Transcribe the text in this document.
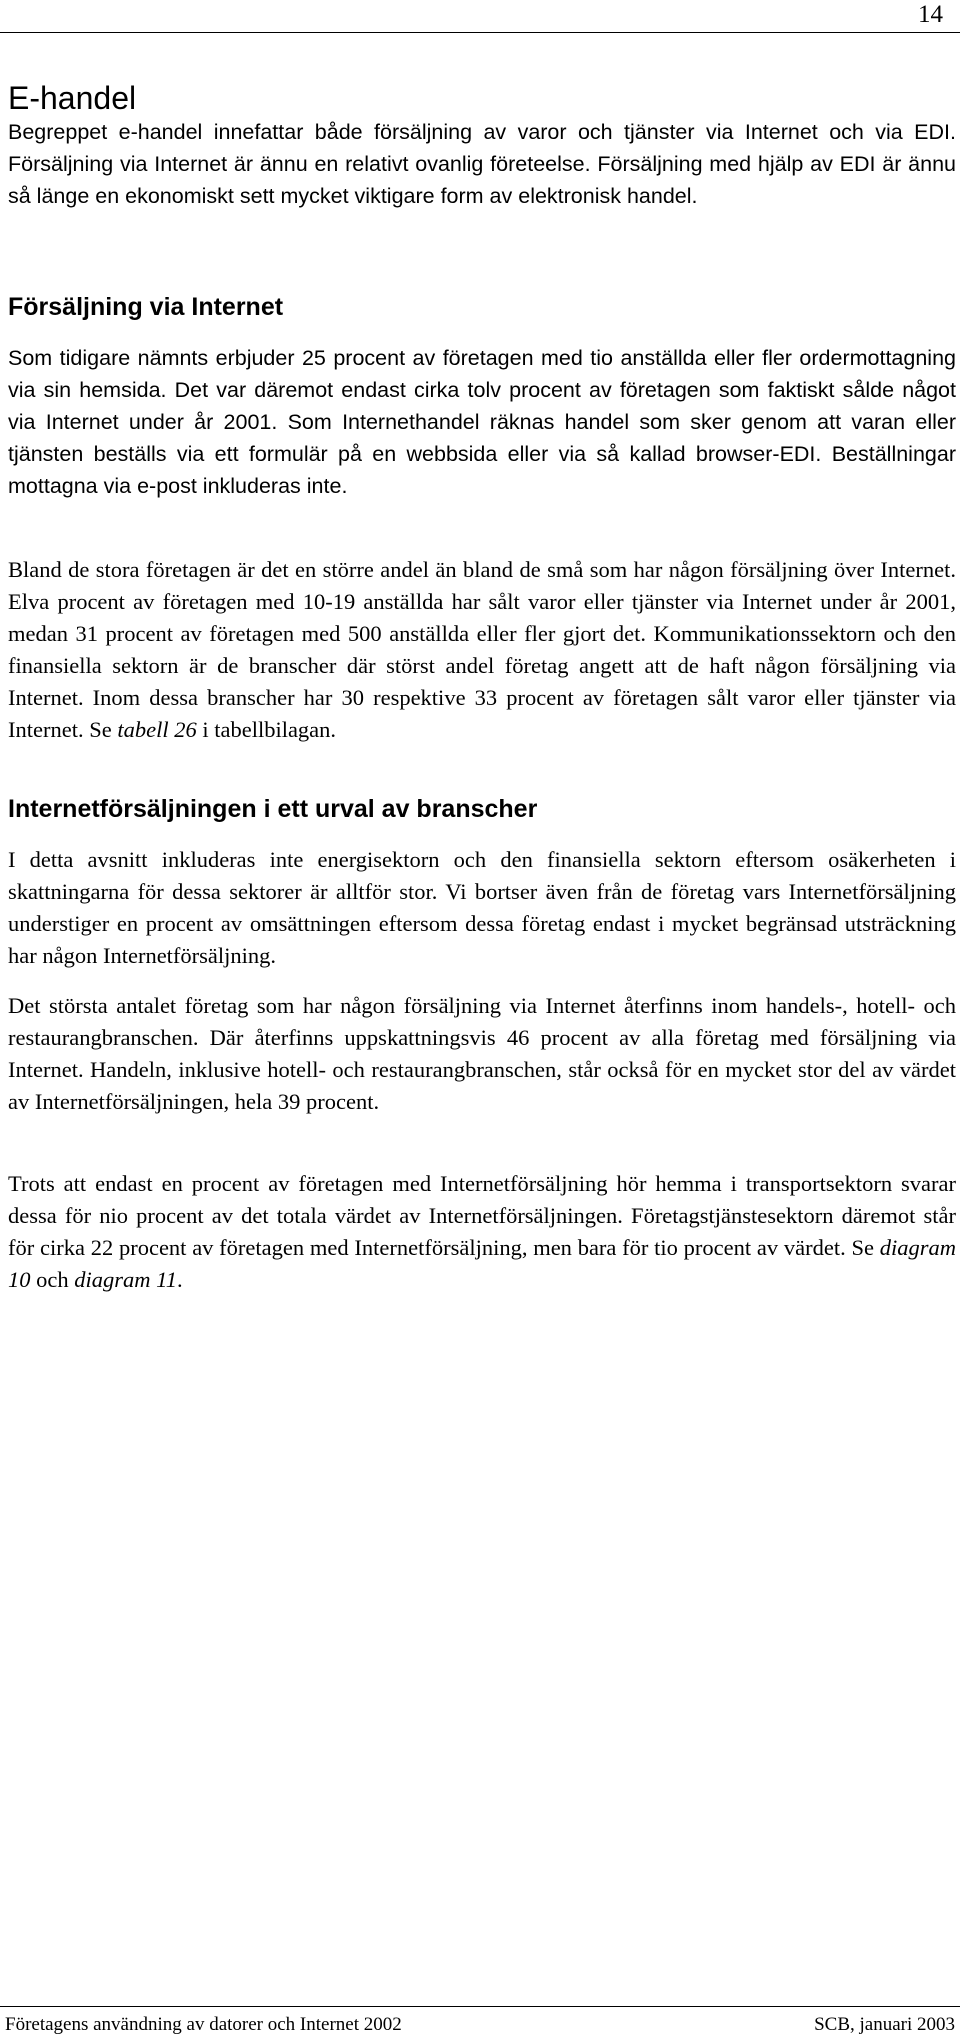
14
E-handel

Begreppet e-handel innefattar både försäljning av varor och tjänster via Internet och via EDI. Försäljning via Internet är ännu en relativt ovanlig företeelse. Försäljning med hjälp av EDI är ännu så länge en ekonomiskt sett mycket viktigare form av elektronisk handel.

Försäljning via Internet

Som tidigare nämnts erbjuder 25 procent av företagen med tio anställda eller fler ordermottagning via sin hemsida. Det var däremot endast cirka tolv procent av företagen som faktiskt sålde något via Internet under år 2001. Som Internethandel räknas handel som sker genom att varan eller tjänsten beställs via ett formulär på en webbsida eller via så kallad browser-EDI. Beställningar mottagna via e-post inkluderas inte.

Bland de stora företagen är det en större andel än bland de små som har någon försäljning över Internet. Elva procent av företagen med 10-19 anställda har sålt varor eller tjänster via Internet under år 2001, medan 31 procent av företagen med 500 anställda eller fler gjort det. Kommunikationssektorn och den finansiella sektorn är de branscher där störst andel företag angett att de haft någon försäljning via Internet. Inom dessa branscher har 30 respektive 33 procent av företagen sålt varor eller tjänster via Internet. Se tabell 26 i tabellbilagan.

Internetförsäljningen i ett urval av branscher

I detta avsnitt inkluderas inte energisektorn och den finansiella sektorn eftersom osäkerheten i skattningarna för dessa sektorer är alltför stor. Vi bortser även från de företag vars Internetförsäljning understiger en procent av omsättningen eftersom dessa företag endast i mycket begränsad utsträckning har någon Internetförsäljning.

Det största antalet företag som har någon försäljning via Internet återfinns inom handels-, hotell- och restaurangbranschen. Där återfinns uppskattningsvis 46 procent av alla företag med försäljning via Internet. Handeln, inklusive hotell- och restaurangbranschen, står också för en mycket stor del av värdet av Internetförsäljningen, hela 39 procent.

Trots att endast en procent av företagen med Internetförsäljning hör hemma i transportsektorn svarar dessa för nio procent av det totala värdet av Internetförsäljningen. Företagstjänstesektorn däremot står för cirka 22 procent av företagen med Internetförsäljning, men bara för tio procent av värdet. Se diagram 10 och diagram 11.

Företagens användning av datorer och Internet 2002	SCB, januari 2003
